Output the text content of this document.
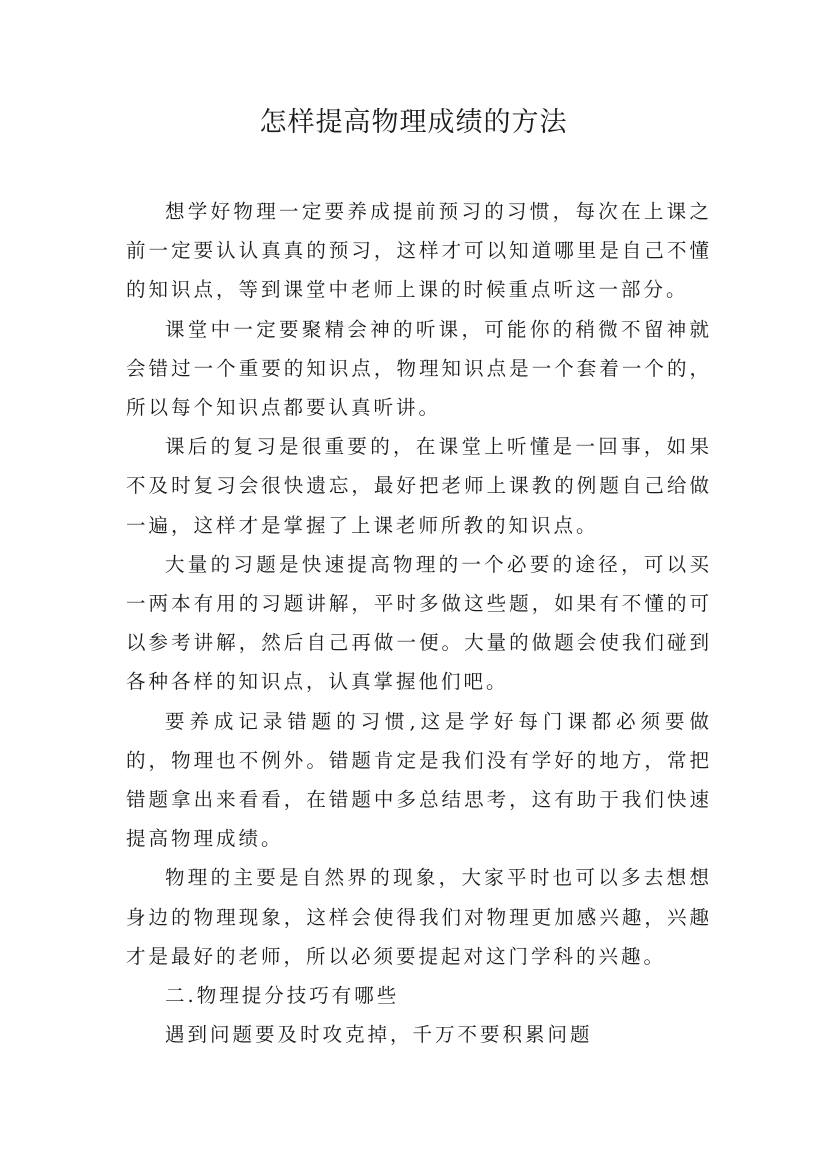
怎样提高物理成绩的方法

想学好物理一定要养成提前预习的习惯，每次在上课之前一定要认认真真的预习，这样才可以知道哪里是自己不懂的知识点，等到课堂中老师上课的时候重点听这一部分。

课堂中一定要聚精会神的听课，可能你的稍微不留神就会错过一个重要的知识点，物理知识点是一个套着一个的，所以每个知识点都要认真听讲。

课后的复习是很重要的，在课堂上听懂是一回事，如果不及时复习会很快遗忘，最好把老师上课教的例题自己给做一遍，这样才是掌握了上课老师所教的知识点。

大量的习题是快速提高物理的一个必要的途径，可以买一两本有用的习题讲解，平时多做这些题，如果有不懂的可以参考讲解，然后自己再做一便。大量的做题会使我们碰到各种各样的知识点，认真掌握他们吧。

要养成记录错题的习惯,这是学好每门课都必须要做的，物理也不例外。错题肯定是我们没有学好的地方，常把错题拿出来看看，在错题中多总结思考，这有助于我们快速提高物理成绩。

物理的主要是自然界的现象，大家平时也可以多去想想身边的物理现象，这样会使得我们对物理更加感兴趣，兴趣才是最好的老师，所以必须要提起对这门学科的兴趣。

二.物理提分技巧有哪些

遇到问题要及时攻克掉，千万不要积累问题
